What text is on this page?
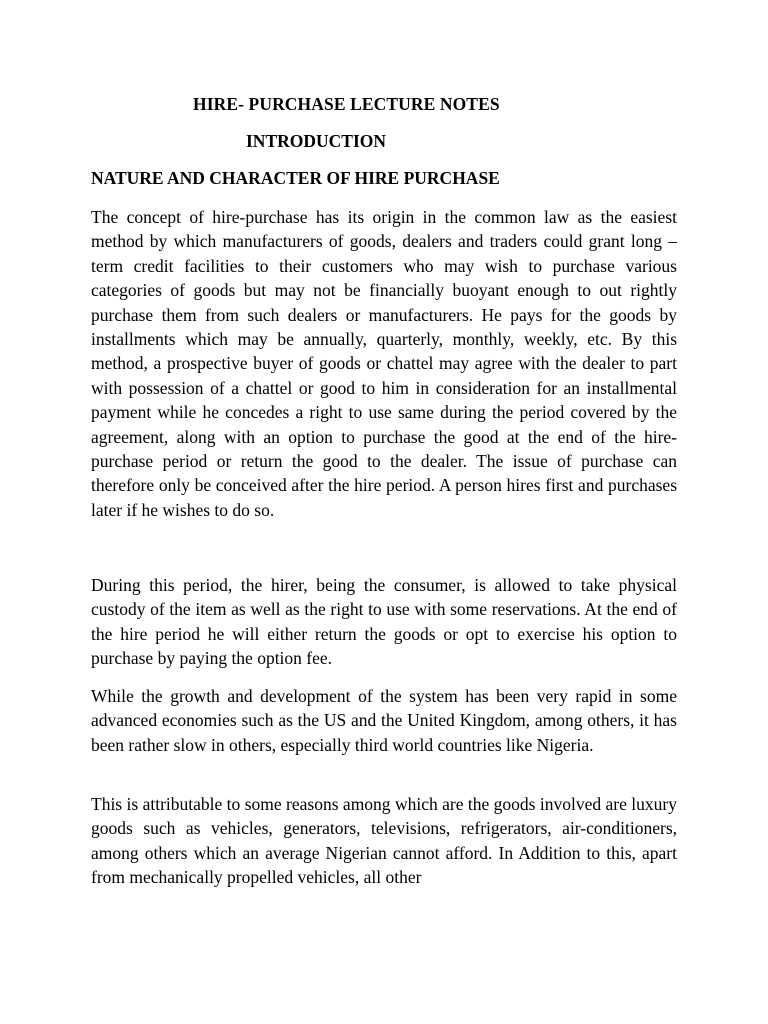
HIRE- PURCHASE LECTURE NOTES
INTRODUCTION
NATURE AND CHARACTER OF HIRE PURCHASE

The concept of hire-purchase has its origin in the common law as the easiest method by which manufacturers of goods, dealers and traders could grant long –term credit facilities to their customers who may wish to purchase various categories of goods but may not be financially buoyant enough to out rightly purchase them from such dealers or manufacturers. He pays for the goods by installments which may be annually, quarterly, monthly, weekly, etc. By this method, a prospective buyer of goods or chattel may agree with the dealer to part with possession of a chattel or good to him in consideration for an installmental payment while he concedes a right to use same during the period covered by the agreement, along with an option to purchase the good at the end of the hire-purchase period or return the good to the dealer. The issue of purchase can therefore only be conceived after the hire period. A person hires first and purchases later if he wishes to do so.

During this period, the hirer, being the consumer, is allowed to take physical custody of the item as well as the right to use with some reservations. At the end of the hire period he will either return the goods or opt to exercise his option to purchase by paying the option fee.

While the growth and development of the system has been very rapid in some advanced economies such as the US and the United Kingdom, among others, it has been rather slow in others, especially third world countries like Nigeria.

This is attributable to some reasons among which are the goods involved are luxury goods such as vehicles, generators, televisions, refrigerators, air-conditioners, among others which an average Nigerian cannot afford. In Addition to this, apart from mechanically propelled vehicles, all other
